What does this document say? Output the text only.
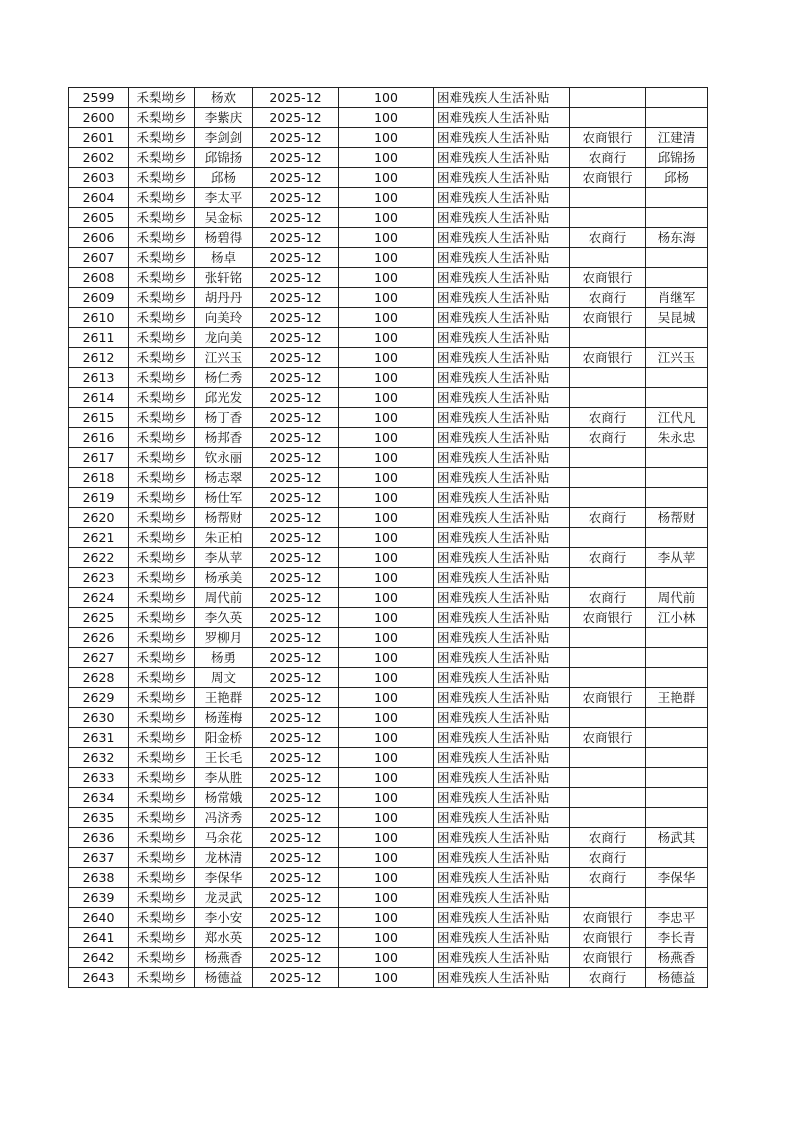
2599	禾梨坳乡	杨欢	2025-12	100	困难残疾人生活补贴		
2600	禾梨坳乡	李紫庆	2025-12	100	困难残疾人生活补贴		
2601	禾梨坳乡	李剑剑	2025-12	100	困难残疾人生活补贴	农商银行	江建清
2602	禾梨坳乡	邱锦扬	2025-12	100	困难残疾人生活补贴	农商行	邱锦扬
2603	禾梨坳乡	邱杨	2025-12	100	困难残疾人生活补贴	农商银行	邱杨
2604	禾梨坳乡	李太平	2025-12	100	困难残疾人生活补贴		
2605	禾梨坳乡	吴金标	2025-12	100	困难残疾人生活补贴		
2606	禾梨坳乡	杨碧得	2025-12	100	困难残疾人生活补贴	农商行	杨东海
2607	禾梨坳乡	杨卓	2025-12	100	困难残疾人生活补贴		
2608	禾梨坳乡	张轩铭	2025-12	100	困难残疾人生活补贴	农商银行	
2609	禾梨坳乡	胡丹丹	2025-12	100	困难残疾人生活补贴	农商行	肖继军
2610	禾梨坳乡	向美玲	2025-12	100	困难残疾人生活补贴	农商银行	吴昆城
2611	禾梨坳乡	龙向美	2025-12	100	困难残疾人生活补贴		
2612	禾梨坳乡	江兴玉	2025-12	100	困难残疾人生活补贴	农商银行	江兴玉
2613	禾梨坳乡	杨仁秀	2025-12	100	困难残疾人生活补贴		
2614	禾梨坳乡	邱光发	2025-12	100	困难残疾人生活补贴		
2615	禾梨坳乡	杨丁香	2025-12	100	困难残疾人生活补贴	农商行	江代凡
2616	禾梨坳乡	杨邦香	2025-12	100	困难残疾人生活补贴	农商行	朱永忠
2617	禾梨坳乡	钦永丽	2025-12	100	困难残疾人生活补贴		
2618	禾梨坳乡	杨志翠	2025-12	100	困难残疾人生活补贴		
2619	禾梨坳乡	杨仕军	2025-12	100	困难残疾人生活补贴		
2620	禾梨坳乡	杨帮财	2025-12	100	困难残疾人生活补贴	农商行	杨帮财
2621	禾梨坳乡	朱正柏	2025-12	100	困难残疾人生活补贴		
2622	禾梨坳乡	李从苹	2025-12	100	困难残疾人生活补贴	农商行	李从苹
2623	禾梨坳乡	杨承美	2025-12	100	困难残疾人生活补贴		
2624	禾梨坳乡	周代前	2025-12	100	困难残疾人生活补贴	农商行	周代前
2625	禾梨坳乡	李久英	2025-12	100	困难残疾人生活补贴	农商银行	江小林
2626	禾梨坳乡	罗柳月	2025-12	100	困难残疾人生活补贴		
2627	禾梨坳乡	杨勇	2025-12	100	困难残疾人生活补贴		
2628	禾梨坳乡	周文	2025-12	100	困难残疾人生活补贴		
2629	禾梨坳乡	王艳群	2025-12	100	困难残疾人生活补贴	农商银行	王艳群
2630	禾梨坳乡	杨莲梅	2025-12	100	困难残疾人生活补贴		
2631	禾梨坳乡	阳金桥	2025-12	100	困难残疾人生活补贴	农商银行	
2632	禾梨坳乡	王长毛	2025-12	100	困难残疾人生活补贴		
2633	禾梨坳乡	李从胜	2025-12	100	困难残疾人生活补贴		
2634	禾梨坳乡	杨常娥	2025-12	100	困难残疾人生活补贴		
2635	禾梨坳乡	冯济秀	2025-12	100	困难残疾人生活补贴		
2636	禾梨坳乡	马余花	2025-12	100	困难残疾人生活补贴	农商行	杨武其
2637	禾梨坳乡	龙林清	2025-12	100	困难残疾人生活补贴	农商行	
2638	禾梨坳乡	李保华	2025-12	100	困难残疾人生活补贴	农商行	李保华
2639	禾梨坳乡	龙灵武	2025-12	100	困难残疾人生活补贴		
2640	禾梨坳乡	李小安	2025-12	100	困难残疾人生活补贴	农商银行	李忠平
2641	禾梨坳乡	郑水英	2025-12	100	困难残疾人生活补贴	农商银行	李长青
2642	禾梨坳乡	杨燕香	2025-12	100	困难残疾人生活补贴	农商银行	杨燕香
2643	禾梨坳乡	杨德益	2025-12	100	困难残疾人生活补贴	农商行	杨德益
